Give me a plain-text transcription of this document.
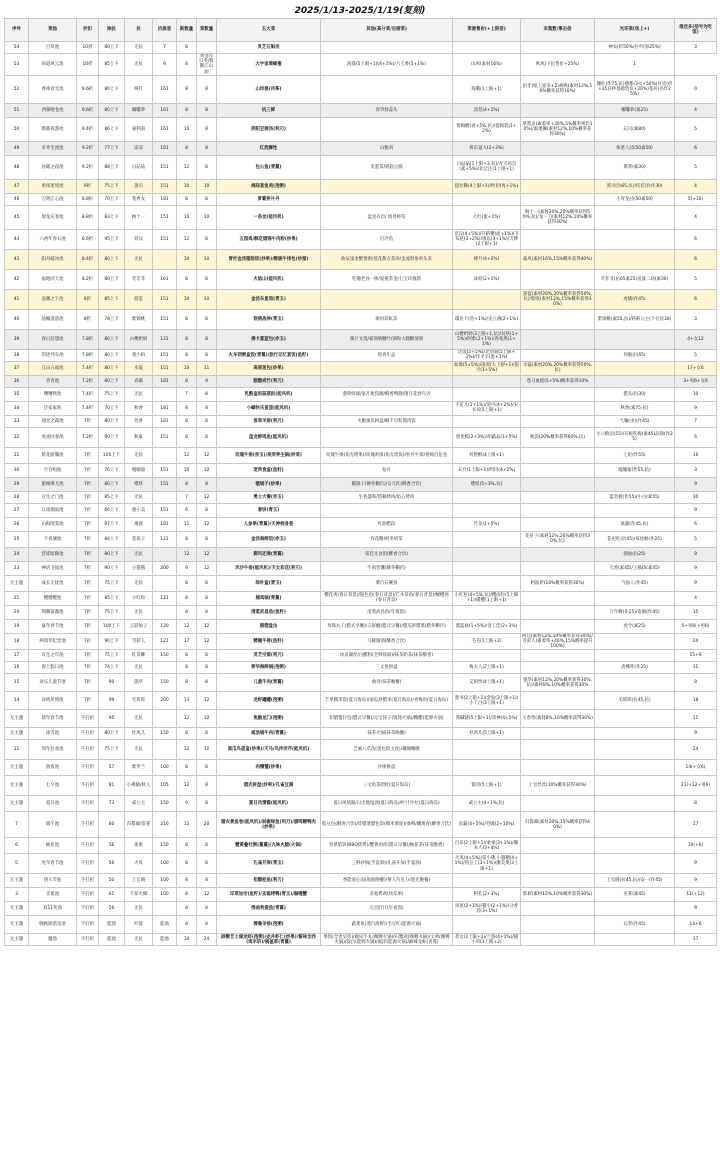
2025/1/13-2025/1/19(复刻)
序号	菜池	折扣	除抗	抗	抗保底	新数量	菜数量	五大菜	其他(高分菜/后厨菜)	菜谱售价(+上限倍)	采集数/事击倍	光环菜(场上+)	推送多(括号为吃饭)
54	百草池	10折	80上下	无抗	7	8		灵芝石斛汤				神农(折50%/住申(加25%)	3
53	尚道风云池	10折	85上下	无抗	9	8	黄金岸口英/酱鹅江山面	大宇宙境蜂蜜	海棠(5上限+1)(4+1%)/六王香(5+1%)	山鸡(素材16%)	秋风(下位售价+25%)	1	
52	香锋食光池	9.6折	80上下	吨红	161	8	8	山珍兽(风筝)		海鹅(1上限+1)	伯牙(纸上面采+2)胡鸭(素材12%,10%概率获得10%)	倾红(作75,抗)德都(3火+50%)甘史(折+35日秒基础售价+20%)苍居(名作25%)	0
51	西湖晚卷池	9.6折	80上下	嘟嘟萝	161	8	8	杭三鲜	春笋炒蒜头	净怒(4+1%)		嘟嘟萝(素25)	4
50	郡都夜游池	9.4折	86上下	嘉利南	161	10	8	阴阳豆腐汤(利刃)		鉴梅酸(再+5%,抗)/提阀装(1+2%)	革蔓灵(素着率+30%,5%概率视作10%)/素地狮(素材12%,10%概率获得30%)	忘川(素80)	5
49	市井生流池	9.2折	77上下	凉凉	161	8	8	红烧狮性	山雅鸡	将东道人(2+3%)		执笔人(抗50素50)	6
48	昼暖之夜池	9.2折	88上下	日砧砧	151	12	8	包公鱼(青蔓)	皮蛋茶/钥匙豆腐	白砧砧(1上限+3,抗)/青天鸡首(素+5%)/北泛注(1上限+1)		斯蒂(素30)	5
47	勇闯迷境池	9折	75上下	蒸司	151	10	10	海陆套鱼鸡(孢粥)		提拉稀(4上限+1)/阿切(再+1%)		蒸司(抗65,抗)/托托洋(作30)	4
46	刀剑江心池	8.8折	70上下	苍香女	181	8	8	萝蔔拼片丹				小青龙(抗50素50)	5(+16)
45	瑞龙庆春池	8.8折	83上下	顾十一	151	10	10	一条龙(能风机)	盘星有层/ 炮兽虾饺	大红(蛋+1%)	顾十一(素材20%,20%概率获得50%,抗)/龙一刀(素材12%,10%概率获得30%)		4
44	六两年春石池	8.6折	95上下	冥汉	151	12	8	五园鸡/酥花烟锦牛肉粒(炒果)	打冷鱼	克汉(4+5%)/开路蟹(面+1%)/卫布花(3+2%)/康以(3+1%)/天博(2上限+1)			6
43	阳舟破冰池	8.4折	80上下	无抗		10	10	青柠金汤腊肠饭(炒果)/酥脆牛排包(炒猪)	曲辰凌金蟹黄粥/莲花甜点茶汤/金流海参鸡头米	搏月(4+2%)	霜凤(素材16%,15%概率获得40%)		6
42	福地同天池	8.2折	80上下	荧非非	161	8	8	火焰山(能风机)	吃掩老孙一棒/骑挑茶金/七宝玲珑塔	诛妖(2+1%)		荧非非(抗65素25)房波二劫(素30)	5
41	浪潮之下池	8折	85上下	游蓝	151	10	10	金汤东星斑(青玉)			游蓝(素材20%,20%概率获得50%,抗)/紫唯(素材12%,15%概率获得30%)	虎啸(作45)	6
40	仙魄漫游池	8折	78上下	紫锦桃	151	8	8	铁锈战神(青玉)	缤纷彩虹冻	璨贝卡(鱼+1%)/史立薄(2+1%)		紫锦桃(素55,抗)/莉莉公主(下位省30)	3
39	春日狂想池	7.8折	80上下	山楂奶奶	121	8	8	佛卡夏蓝包(赤玉)	蜜汁叉烧/蒙锦响糖叶/酒和大腿酥溶圆	山楂奶奶(3上限+1,抗)/贫肤(1+5%)/阿紫(2+1%)/春希然(1+1%)			4+女12
38	印迹列车池	7.8折	80上下	萧小柏	151	8	8	火车饲粥盒饭(青蔓)/旅行记忆套饭(鱼籽)	惊喜年盒	达浪(5+5%)/北刮氧(5上限+1%)/洋羊羊(蛋+1%)		何敏(抗45)	5
37	江山五福池	7.4折	80上下	水镜	151	10	11	高原鱼包(炒果)		如源(5+5%)/凌霄(大上限+1)/银月(1+5%)	水镜(素材20%,20%概率获得50%,抗)		17+女6
36	青青池	7.2折	80上下	青霸	181	8	9	腊酸戒竹(利刃)			苍马血拨(5+5%)概率获得10%		3+男6+女6
35	曙曙鸣池	7.4折	75上下	无抗		7	8	乳酪盒祖蒜荔挞(能风机)	葱粉虾球/家片航焦圈/酥香鸭膳/菌汪花炒鸟贝			猎头(抗30)	10
34	过家家池	7.4折	70上下	秋香	181	8	8	小蝴快乐蛋蛋(能风机)		卡花儿(2+1%)/道可(4+2%)/宋书书(5上限+1)		秋香(素75,抗)	9
33	琉光之森池	7折	80上下	丝香	181	8	8	香草羊排(利刃)	火脆蜜瓜拼盘/桐千贝粒酱肉饭			弋嚷(虫)(作45)	7
32	虎虎回春池	7.2折	90上下	秋巢	151	8	8	盘龙鲜鸣鱼(能风机)		唐优嫣(2+3%)/胡蔬晶(1+5%)	秋茵(20%概率获得60%,抗)	小公粮(抗55)/芬妮吒梅(素45)品锦(作25)	6
31	紫花蔚馨池	7折	105上下	无抗		12	12	玫瑰牛排(赤玉)/美荣养生锅(炒菜)	玫瑰牛排(焰光烤果)/玫瑰鸡排(焰光烧饭)/牡丹牛排/香绵百花卷	何暂醉(4上限+1)		七炬(作55)	16
30	月宫唱池	7折	76上下	嘎嘣迪	151	10	10	宽荷食盒(鱼籽)	钻丹	末竹(1上限+1)/阿玛(4+2%)		嘎嘣迪(作55,抗)	3
29	旅城乘无池	7折	80上下	噗妖	151	8	8	暖锅子(炒果)	暖锅子(硬冬糊窍)/女儿红(酥香合饮)	噗妖(5+3%,抗)			9
28	众生之门池	7折	85上下	无抗		7	12	勇士大餐(赤玉)	生机盛和/留顿烤肉/焰五烤肉			蓝者板(作55)/小白(素55)	10
27	江南烟雨池	7折	66上下	愚小美	151	6	8	春饼(青玉)					9
26	山海图鉴池	7折	97上下	离骚	181	11	12	人参果(青蔓)/天神刺身卷	红油腊段	竹龙(1+5%)		离骚(作45,抗)	6
25	不夜城池	7折	84上下	花似子	121	8	8	金汤海鲜饭(赤玉)	炸花糖/阿冬奶茶		花祉子(素材12%,20%概率获得30%,抗)	花祀红(抗45)/布尬姬(作25)	5
24	营延暗降池	7折	80上下	无抗		12	12	御风还缘(青蔓)	雷廷叉食馆(酥香合饮)			菌仙(抗25)	9
23	神话飞仙池	7折	90上下	小猫熊	200	9	12	风沙牛排(能风机)/天女彩花(利刃)	牛肉窖馕(酥冬糊窍)			天香(素45)/王佩(5(素45)	9
无主题	成长无忧池	7折	75上下	无抗		8	8	综叶盒(青玉)	菜汽石碗鱼		阿波萨(10%概率获得30%)	气仙人(作45)	9
21	樱樱樱池	7折	85上下	小红粒	121	8	8	桶鸡锅(青蔓)	樱花鸡(春日背景)/银色鱼(春日背景)/芒木草鱼(春日背景)/檀樱鸡(春日背景)	小红粒(4+5%,抗)/樱雨粒(5上限+1)/暖樱(1上限+1)			4
20	荆棘蔷薇池	7折	75上下	无抗		8	8	清蒸武昌鱼(鱼籽)	清蒸武昌鱼(年夜饭)			万年峰(作25)/泰俶(作45)	15
19	鼠年春节池	7折	100上下	云彩仙子	120	12	12	腊德盘虫	珍珠丸子(腊式早餐)/义饼酿(腊式早餐)/腊瓜饼腊菜(腊冬糊窍)	酱蓝妹(1+5%)/金王佳(2+1%)		虎兮(素25)	5+男6(+男6)
18	两周年纪念池	7折	90上下	雪彩人	121	17	12	精腌牛排(鱼籽)	马豚腐酒(酥香合饮)	毛毛(1上限+2)	阿珏(素材12%,10%概率获得30%)/雪彩人(素着率+40%,15%概率提升100%)		24
17	有生之年池	7折	75上下	红茶酥	150	8	8	灵芝空窗(利刃)	冰灵湖丝/白醋粉(全鲜盐焗)/抹茶奶茶(抹茶醇香)				15+6
16	海上假日池	7折	74上下	无抗		8	8	要华海鲜锅(孢粥)	三文鱼拼盘	梅夫人(2上限+1)		唐娜咔(作25)	11
15	欢乐儿童节池	7折	90	施华	150	8	8	儿童牛肉(青蔓)	曲奇(抹茶晚餐)	艾厨丝(4上限+1)	施华(素材12%,20%概率获得30%,抗)/素材8%,10%概率获得30%		9
14	异域风情池	7折	99	毛班班	200	13	12	龙虾罐罐(孢粥)	芒果糯米饭(夏日海岛)/南瓜炒腊米(夏日海岛)/青梅鱼(夏日海岛)	墨书(2上限+1)/金发(3上限+1)/小丫白(3上限+1)		毛班班(抗45,抗)	18
无主题	猪年春节池	不打折	95	无抗		12	10	焦脆龙门(孢粥)	切腊猪仔包(腊式早餐)/元宝饺子(馄饨火锅)/糖醋(能源火锅)	我碱链(5上限+1)/邻神(4+5%)	王春胥(素材8%,10%概率获得30%)		11
无主题	冰雪池	不打折	80上下	杜风儿	150	8	8	威浪锅牛肉(青蔓)	抹茶火锅(抹茶晚餐)	杜风儿(5上限+1)			9
11	周年狂欢池	不打折	75上下	无抗		12	12	南瓜鸟蛋盒(炒果)/天马/鸟拌洋芹(能风机)	芝麻八爪鱼(蛋包饭主食)/藕焖咖喱				24
无主题	圆夜池	不打折	57	紫罗兰	100	8	8	肉懵懂(炒果)	沙律拼盘				14(+女6)
无主题	七夕池	不打折	81	小佛晓/秋人	105	12	8	德式拼盘(炒果)/孔雀豆腐	三文鱼茶吧桂(夏日海岛)	银河(5上限+1)	上官丝丝(10%概率获得30%)		21(+12+男6)
无主题	夏日池	不打折	73	威公主	150	9	8	夏日风情酱(能风机)	夏日风情器/日出地尾酒(夏日海岛)/叶汁沙拉(夏日海岛)	威公主(4+1%,抗)			8
7	端午池	不打折	60	归都蔺/雷霆	216	12	20	腊衣黄鱼卷(能风机)/剁椒绿鱼(利刃)/腊鸣糖鸭肉(炒果)	粽豆包(酥香合饮)/炸腊塞腊包饭(糯米菜庞)/血鸭/藕煲青(酥香合饮)	雷霸(4+5%)/劳啸(2+10%)	归都蔺(素材20%,15%概率获得40%)		17
6	柚花池	不打折	56	柔柔	150	8	8	蟹黄叠牡粥(蔓蔓)/九味火腿(火锅)	窑萝馅饼(BBQ烧烤)/蟹黄肉丝(腊式早餐)/柚花茶(抹茶醇香)	百乐(2上限+1)/柔柔(3+1%)/馨夫人(3+4%)			10(+6)
5	免年春节池	不打折	56	火凤	100	8	8	孔雀开屏(青玉)	三鲜砂锅(手宴酒)/孔雀开屏(手宴酒)	火凤(4+5%)/雷小佛,小嚣糖(4+1%)/鲁豆丁(3+1%)/潘美菜(3上限+1)			9
无主题	情人节池	不打折	50	上官晴	100	8	8	松醋桂鱼(利刃)	香能爱心面(炮池晚餐)/情人巧克力(炮光晚餐)			上官晴(抗45,抗)/安一(作45)	9
3	圣诞池	不打折	61	不知火爆	100	8	12	印菜加空(鱼籽)/圣诞烤鸭(青玉)/咖喱蟹	圣诞烤鸡(快乐果)	阿扎(2+3%)	紫莉(素材12%,10%概率获得30%)	克莱(素45)	11(+12)
无主题	双11奖池	不打折	56	无抗		8	8	得曲利提鱼(青蔓)	元宝肚汁(年夜饭)	凤鱼(2+1%)/猫小(2+1%)/分香者(3+1%)			9
无主题	晚秋除逍美池	不打折	能池	叶能	能池	8	8	蓉鲁羊排(孢粥)	蔬菜鱼(蒸汽海鲜)/毛豆红(能源火锅)			后羿(作45)	14+6
无主题	魔池	不打折	能池	无抗	能池	10	24	辟糖艺士湖龙虾(孢粥)/龙井虾仁(炒果)/酱味含西(鸡米斩)/锅盖菜(青蔓)	菜饭(全麦早饭)/鹿尿牛丸(咖喱火锅)/石蟹鸡(咖喱火锅)/文鸡(咖喱火锅)/茭白(能源火锅)/鼠洋(能源火锅)/麻辣龙虾(青蔓)	普女(2上限+1)/兰游(4+1%)/猫小草(1上限+2)			17
